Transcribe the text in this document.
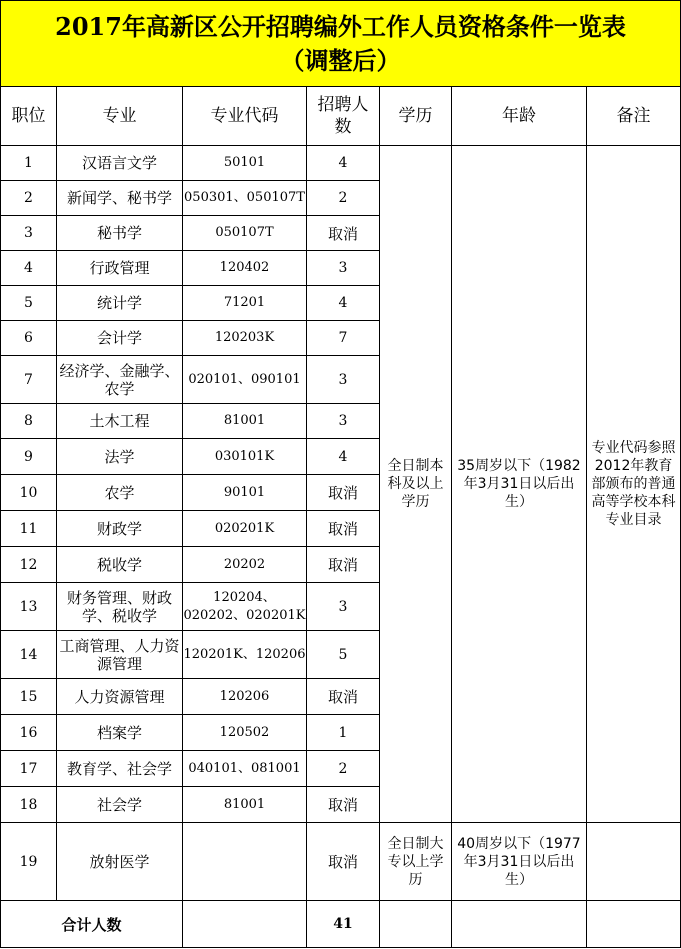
2017年高新区公开招聘编外工作人员资格条件一览表
（调整后）						

职位	专业	专业代码	招聘人数	学历	年龄	备注
1	汉语言文学	50101	4	全日制本科及以上学历	35周岁以下（1982年3月31日以后出生）	专业代码参照2012年教育部颁布的普通高等学校本科专业目录
2	新闻学、秘书学	050301、050107T	2			
3	秘书学	050107T	取消			
4	行政管理	120402	3			
5	统计学	71201	4			
6	会计学	120203K	7			
7	经济学、金融学、农学	020101、090101	3			
8	土木工程	81001	3			
9	法学	030101K	4			
10	农学	90101	取消			
11	财政学	020201K	取消			
12	税收学	20202	取消			
13	财务管理、财政学、税收学	120204、020202、020201K	3			
14	工商管理、人力资源管理	120201K、120206	5			
15	人力资源管理	120206	取消			
16	档案学	120502	1			
17	教育学、社会学	040101、081001	2			
18	社会学	81001	取消			
19	放射医学		取消	全日制大专以上学历	40周岁以下（1977年3月31日以后出生）	
合计人数			41			
